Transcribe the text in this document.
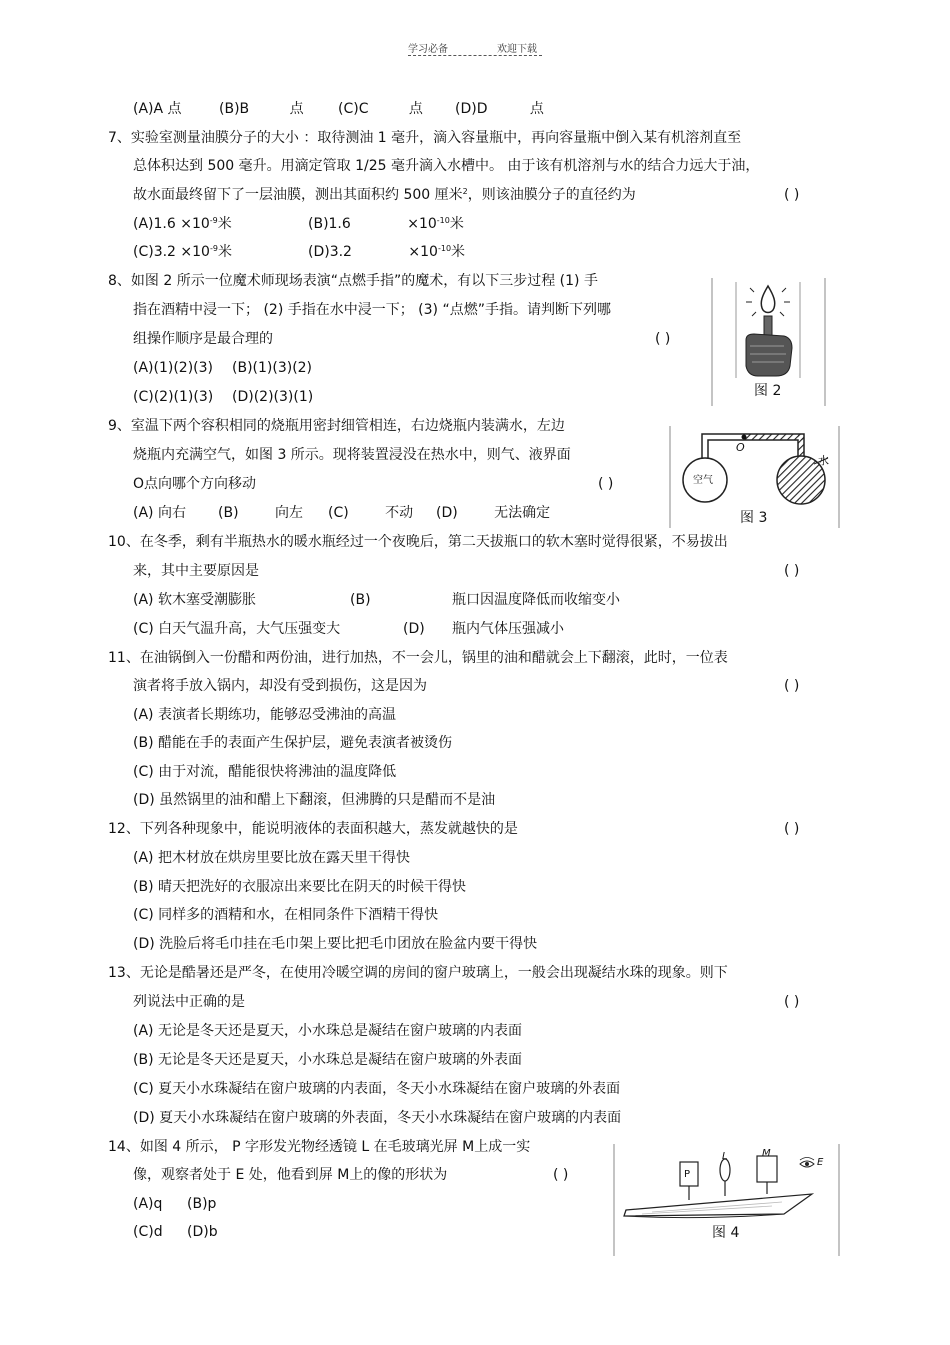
学习必备	欢迎下载
(A)A 点	(B)B 点 (C)C 点 (D)D 点
7、实验室测量油膜分子的大小 ：取待测油 1 毫升，滴入容量瓶中，再向容量瓶中倒入某有机溶剂直至
总体积达到 500 毫升。用滴定管取 1/25 毫升滴入水槽中。 由于该有机溶剂与水的结合力远大于油，
故水面最终留下了一层油膜，测出其面积约 500 厘米$^2$，则该油膜分子的直径约为	( )
$(A)1.6 \times 10^{-9}$米	$(B)1.6 \times 10^{-10}$米
$(C)3.2 \times 10^{-9}$米	$(D)3.2 \times 10^{-10}$米
8、如图 2 所示一位魔术师现场表演“点燃手指”的魔术，有以下三步过程 (1) 手
指在酒精中浸一下； (2) 手指在水中浸一下； (3) “点燃”手指。请判断下列哪
组操作顺序是最合理的	( )
(A)(1)(2)(3) (B)(1)(3)(2)
(C)(2)(1)(3) (D)(2)(3)(1)	图 2
9、室温下两个容积相同的烧瓶用密封细管相连，右边烧瓶内装满水，左边
烧瓶内充满空气，如图 3 所示。现将装置浸没在热水中，则气、液界面
O点向哪个方向移动	( )
(A) 向右 (B) 向左 (C) 不动 (D) 无法确定
O
空气
水
图 3
10、在冬季，剩有半瓶热水的暖水瓶经过一个夜晚后，第二天拔瓶口的软木塞时觉得很紧，不易拔出
来，其中主要原因是	( )
(A) 软木塞受潮膨胀	(B)	瓶口因温度降低而收缩变小
(C) 白天气温升高，大气压强变大	(D) 瓶内气体压强减小
11、在油锅倒入一份醋和两份油，进行加热，不一会儿，锅里的油和醋就会上下翻滚，此时，一位表
演者将手放入锅内，却没有受到损伤，这是因为	( )
(A) 表演者长期练功，能够忍受沸油的高温
(B) 醋能在手的表面产生保护层，避免表演者被烫伤
(C) 由于对流，醋能很快将沸油的温度降低
(D) 虽然锅里的油和醋上下翻滚，但沸腾的只是醋而不是油
12、下列各种现象中，能说明液体的表面积越大，蒸发就越快的是	( )
(A) 把木材放在烘房里要比放在露天里干得快
(B) 晴天把洗好的衣服凉出来要比在阴天的时候干得快
(C) 同样多的酒精和水，在相同条件下酒精干得快
(D) 洗脸后将毛巾挂在毛巾架上要比把毛巾团放在脸盆内要干得快
13、无论是酷暑还是严冬，在使用冷暖空调的房间的窗户玻璃上，一般会出现凝结水珠的现象。则下
列说法中正确的是	( )
(A) 无论是冬天还是夏天，小水珠总是凝结在窗户玻璃的内表面
(B) 无论是冬天还是夏天，小水珠总是凝结在窗户玻璃的外表面
(C) 夏天小水珠凝结在窗户玻璃的内表面，冬天小水珠凝结在窗户玻璃的外表面
(D) 夏天小水珠凝结在窗户玻璃的外表面，冬天小水珠凝结在窗户玻璃的内表面
14、如图 4 所示， P 字形发光物经透镜 L 在毛玻璃光屏 M上成一实
像，观察者处于 E 处，他看到屏 M上的像的形状为	( )
(A)q (B)p
(C)d (D)b
P
L	M
E
图 4
